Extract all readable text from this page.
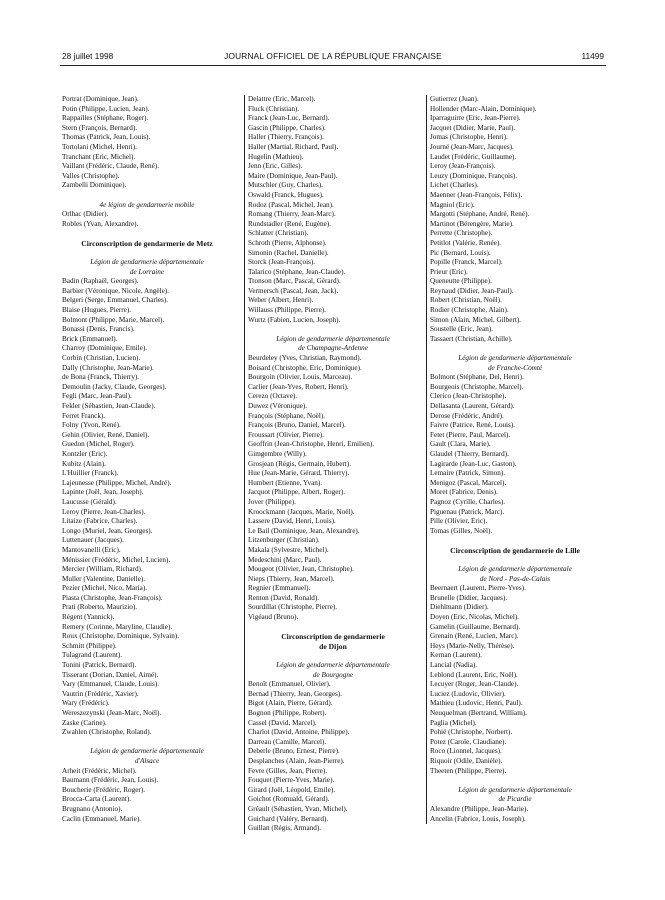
28 juillet 1998	JOURNAL OFFICIEL DE LA RÉPUBLIQUE FRANÇAISE	11499
Portrat (Dominique, Jean).
Potin (Philippe, Lucien, Jean).
Rappailles (Stéphane, Roger).
Stern (François, Bernard).
Thomas (Patrick, Jean, Louis).
Tortolani (Michel, Henri).
Tranchant (Eric, Michel).
Vaillant (Frédéric, Claude, René).
Valles (Christophe).
Zambelli Dominique).
4e légion de gendarmerie mobile
Orlhac (Didier).
Robles (Yvan, Alexandre).
Circonscription de gendarmerie de Metz
Légion de gendarmerie départementale
de Lorraine
Badin (Raphaël, Georges).
Barbier (Véronique, Nicole, Angèle).
Belgeri (Serge, Emmanuel, Charles).
Blaise (Hugues, Pierre).
Bolmont (Philippe, Marie, Marcel).
Bonassi (Denis, Francis).
Brick (Emmanuel).
Charroy (Dominique, Emile).
Corbin (Christian, Lucien).
Dally (Christophe, Jean-Marie).
de Bona (Franck, Thierry).
Demoulin (Jacky, Claude, Georges).
Fegli (Marc, Jean-Paul).
Fekler (Sébastien, Jean-Claude).
Ferret Franck).
Folny (Yvon, René).
Gehin (Olivier, René, Daniel).
Guedon (Michel, Roger).
Kontzler (Eric).
Kubitz (Alain).
L'Huillier (Franck).
Lajeunesse (Philippe, Michel, André).
Lapinte (Joël, Jean, Joseph).
Laucusse (Gérald).
Leroy (Pierre, Jean-Charles).
Litaize (Fabrice, Charles).
Longo (Muriel, Jean, Georges).
Luttenauer (Jacques).
Mantovanelli (Eric).
Ménissier (Frédéric, Michel, Lucien).
Mercier (William, Richard).
Muller (Valentine, Danielle).
Pezier (Michel, Nico, Maria).
Piasta (Christophe, Jean-François).
Prati (Roberto, Maurizio).
Régent (Yannick).
Remery (Corinne, Maryline, Claudie).
Roux (Christophe, Dominique, Sylvain).
Schmitt (Philippe).
Tulagrand (Laurent).
Tonini (Patrick, Bernard).
Tisserant (Dorian, Daniel, Aimé).
Vary (Emmanuel, Claude, Louis).
Vautrin (Frédéric, Xavier).
Wary (Frédéric).
Wereszezynski (Jean-Marc, Noël).
Zaske (Carine).
Zwahlen (Christophe, Roland).
Légion de gendarmerie départementale
d'Alsace
Arheit (Frédéric, Michel).
Baumann (Frédéric, Jean, Louis).
Boucherie (Frédéric, Roger).
Brocca-Carta (Laurent).
Brugnano (Antonio).
Caclin (Emmanuel, Marie).
Delattre (Eric, Marcel).
Fluck (Christian).
Franck (Jean-Luc, Bernard).
Gascin (Philippe, Charles).
Haller (Thierry, François).
Haller (Martial, Richard, Paul).
Hugelin (Mathieu).
Jenn (Eric, Gilles).
Maire (Dominique, Jean-Paul).
Mutschler (Guy, Charles).
Oswald (Franck, Hugues).
Rodoz (Pascal, Michel, Jean).
Romang (Thierry, Jean-Marc).
Rundstadler (René, Eugène).
Schlatter (Christian).
Schroth (Pierre, Alphonse).
Simonin (Rachel, Danielle).
Storck (Jean-François).
Talarico (Stéphane, Jean-Claude).
Tronson (Marc, Pascal, Gérard).
Vermersch (Pascal, Jean, Jack).
Weber (Albert, Henri).
Willauss (Philippe, Pierre).
Wurtz (Fabien, Lucien, Joseph).
Légion de gendarmerie départementale
de Champagne-Ardenne
Beurdeley (Yves, Christian, Raymond).
Boisard (Christophe, Eric, Dominique).
Bourgoin (Olivier, Louis, Marceau).
Carlier (Jean-Yves, Robert, Henri).
Cerezo (Octave).
Duwez (Véronique).
François (Stéphane, Noël).
François (Bruno, Daniel, Marcel).
Froussart (Olivier, Pierre).
Geoffrin (Jean-Christophe, Henri, Emilien).
Gimgembre (Willy).
Grosjean (Régis, Germain, Hubert).
Hue (Jean-Marie, Gérard, Thierry).
Humbert (Etienne, Yvan).
Jacquot (Philippe, Albert, Roger).
Jover (Philippe).
Kroockmann (Jacques, Marie, Noël).
Lassere (David, Henri, Louis).
Le Bail (Dominique, Jean, Alexandre).
Litzenburger (Christian).
Makala (Sylvestre, Michel).
Medeschini (Marc, Paul).
Mougeot (Olivier, Jean, Christophe).
Nieps (Thierry, Jean, Marcel).
Regnier (Emmanuel).
Renton (David, Ronald).
Sourdillat (Christophe, Pierre).
Vigéaud (Bruno).
Circonscription de gendarmerie
de Dijon
Légion de gendarmerie départementale
de Bourgogne
Benoît (Emmanuel, Olivier).
Bernad (Thierry, Jean, Georges).
Bigot (Alain, Pierre, Gérard).
Bognon (Philippe, Robert).
Cassel (David, Marcel).
Charlot (David, Antoine, Philippe).
Darreau (Camille, Marcel).
Deberle (Bruno, Ernest, Pierre).
Desplanches (Alain, Jean-Pierre).
Fevre (Gilles, Jean, Pierre).
Fouquet (Pierre-Yves, Marie).
Girard (Joël, Léopold, Emile).
Goichot (Romuald, Gérard).
Gréault (Sébastien, Yvan, Michel).
Guichard (Valéry, Bernard).
Guillan (Régis, Armand).
Gutierrez (Juan).
Hollender (Marc-Alain, Dominique).
Iparraguirre (Eric, Jean-Pierre).
Jacquet (Didier, Marie, Paul).
Jomas (Christophe, Henri).
Journé (Jean-Marc, Jacques).
Laudet (Frédéric, Guillaume).
Leroy (Jean-François).
Leuzy (Dominique, François).
Lichet (Charles).
Maenner (Jean-François, Félix).
Magniol (Eric).
Margotti (Stéphane, André, René).
Martinot (Bérengère, Marie).
Perrette (Christophe).
Petitlot (Valérie, Renée).
Pic (Bernard, Louis).
Popille (Franck, Marcel).
Prieur (Eric).
Queneutte (Philippe).
Reynaud (Didier, Jean-Paul).
Robert (Christian, Noël).
Rodier (Christophe, Alain).
Simon (Alain, Michel, Gilbert).
Soustelle (Eric, Jean).
Tassaert (Christian, Achille).
Légion de gendarmerie départementale
de Franche-Comté
Bolmont (Stéphane, Del, Henri).
Bourgeois (Christophe, Marcel).
Clerico (Jean-Christophe).
Dellasanta (Laurent, Gérard).
Derose (Frédéric, André).
Faivre (Patrice, René, Louis).
Fetet (Pierre, Paul, Marcel).
Gault (Clara, Marie).
Glaudel (Thierry, Bernard).
Lagirarde (Jean-Luc, Gaston).
Lemaire (Patrick, Simon).
Menigoz (Pascal, Marcel).
Moret (Fabrice, Denis).
Pagnoz (Cyrille, Charles).
Piguenau (Patrick, Marc).
Pille (Olivier, Eric).
Tomas (Gilles, Noël).
Circonscription de gendarmerie de Lille
Légion de gendarmerie départementale
de Nord - Pas-de-Calais
Beernaert (Laurent, Pierre-Yves).
Brunelle (Didier, Jacques).
Diehlmann (Didier).
Doyen (Eric, Nicolas, Michel).
Gamelin (Guillaume, Bernard).
Grenain (René, Lucien, Marc).
Heys (Marie-Nelly, Thérèse).
Kernan (Laurent).
Lancial (Nadia).
Leblond (Laurent, Eric, Noël).
Lecuyer (Roger, Jean-Claude).
Luciez (Ludovic, Olivier).
Mathieu (Ludovic, Henri, Paul).
Neuquelman (Bertrand, William).
Paglia (Michel).
Pohié (Christophe, Norbert).
Potez (Carole, Claudiane).
Roco (Lionnel, Jacques).
Riquoir (Odile, Danièle).
Theeten (Philippe, Pierre).
Légion de gendarmerie départementale
de Picardie
Alexandre (Philippe, Jean-Marie).
Ancelin (Fabrice, Louis, Joseph).
